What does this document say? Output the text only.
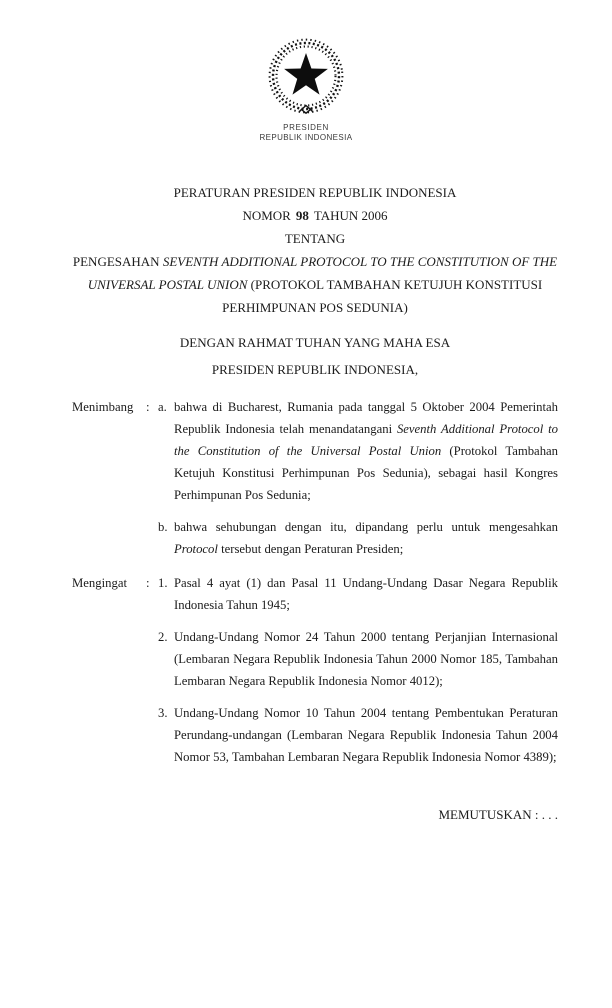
PRESIDEN
REPUBLIK INDONESIA
PERATURAN PRESIDEN REPUBLIK INDONESIA
NOMOR 98 TAHUN 2006
TENTANG
PENGESAHAN SEVENTH ADDITIONAL PROTOCOL TO THE CONSTITUTION OF THE UNIVERSAL POSTAL UNION (PROTOKOL TAMBAHAN KETUJUH KONSTITUSI PERHIMPUNAN POS SEDUNIA)
DENGAN RAHMAT TUHAN YANG MAHA ESA
PRESIDEN REPUBLIK INDONESIA,
Menimbang : a. bahwa di Bucharest, Rumania pada tanggal 5 Oktober 2004 Pemerintah Republik Indonesia telah menandatangani Seventh Additional Protocol to the Constitution of the Universal Postal Union (Protokol Tambahan Ketujuh Konstitusi Perhimpunan Pos Sedunia), sebagai hasil Kongres Perhimpunan Pos Sedunia;
b. bahwa sehubungan dengan itu, dipandang perlu untuk mengesahkan Protocol tersebut dengan Peraturan Presiden;
Mengingat	: 1. Pasal 4 ayat (1) dan Pasal 11 Undang-Undang Dasar Negara Republik Indonesia Tahun 1945;
2. Undang-Undang Nomor 24 Tahun 2000 tentang Perjanjian Internasional (Lembaran Negara Republik Indonesia Tahun 2000 Nomor 185, Tambahan Lembaran Negara Republik Indonesia Nomor 4012);
3. Undang-Undang Nomor 10 Tahun 2004 tentang Pembentukan Peraturan Perundang-undangan (Lembaran Negara Republik Indonesia Tahun 2004 Nomor 53, Tambahan Lembaran Negara Republik Indonesia Nomor 4389);
MEMUTUSKAN : . . .
